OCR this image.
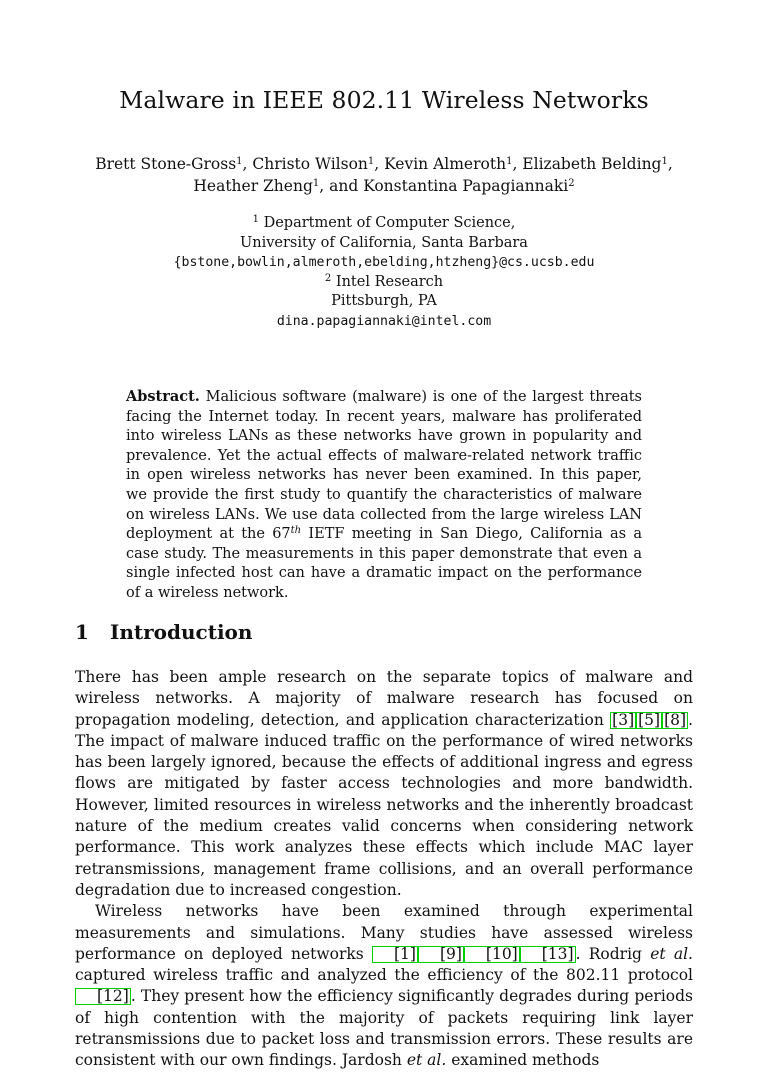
Malware in IEEE 802.11 Wireless Networks
Brett Stone-Gross$^1$, Christo Wilson$^1$, Kevin Almeroth$^1$, Elizabeth Belding$^1$,
Heather Zheng$^1$, and Konstantina Papagiannaki$^2$
$^1$ Department of Computer Science,
University of California, Santa Barbara
{bstone,bowlin,almeroth,ebelding,htzheng}@cs.ucsb.edu
$^2$ Intel Research
Pittsburgh, PA
dina.papagiannaki@intel.com
Abstract. Malicious software (malware) is one of the largest threats facing the Internet today. In recent years, malware has proliferated into wireless LANs as these networks have grown in popularity and prevalence. Yet the actual effects of malware-related network traffic in open wireless networks has never been examined. In this paper, we provide the first study to quantify the characteristics of malware on wireless LANs. We use data collected from the large wireless LAN deployment at the 67th IETF meeting in San Diego, California as a case study. The measurements in this paper demonstrate that even a single infected host can have a dramatic impact on the performance of a wireless network.
1 Introduction

There has been ample research on the separate topics of malware and wireless networks. A majority of malware research has focused on propagation modeling, detection, and application characterization [3] [5] [8] . The impact of malware induced traffic on the performance of wired networks has been largely ignored, because the effects of additional ingress and egress flows are mitigated by faster access technologies and more bandwidth. However, limited resources in wireless networks and the inherently broadcast nature of the medium creates valid concerns when considering network performance. This work analyzes these effects which include MAC layer retransmissions, management frame collisions, and an overall performance degradation due to increased congestion.

Wireless networks have been examined through experimental measurements and simulations. Many studies have assessed wireless performance on deployed networks [1] [9] [10] [13] . Rodrig et al. captured wireless traffic and analyzed the efficiency of the 802.11 protocol [12] . They present how the efficiency significantly degrades during periods of high contention with the majority of packets requiring link layer retransmissions due to packet loss and transmission errors. These results are consistent with our own findings. Jardosh et al. examined methods
